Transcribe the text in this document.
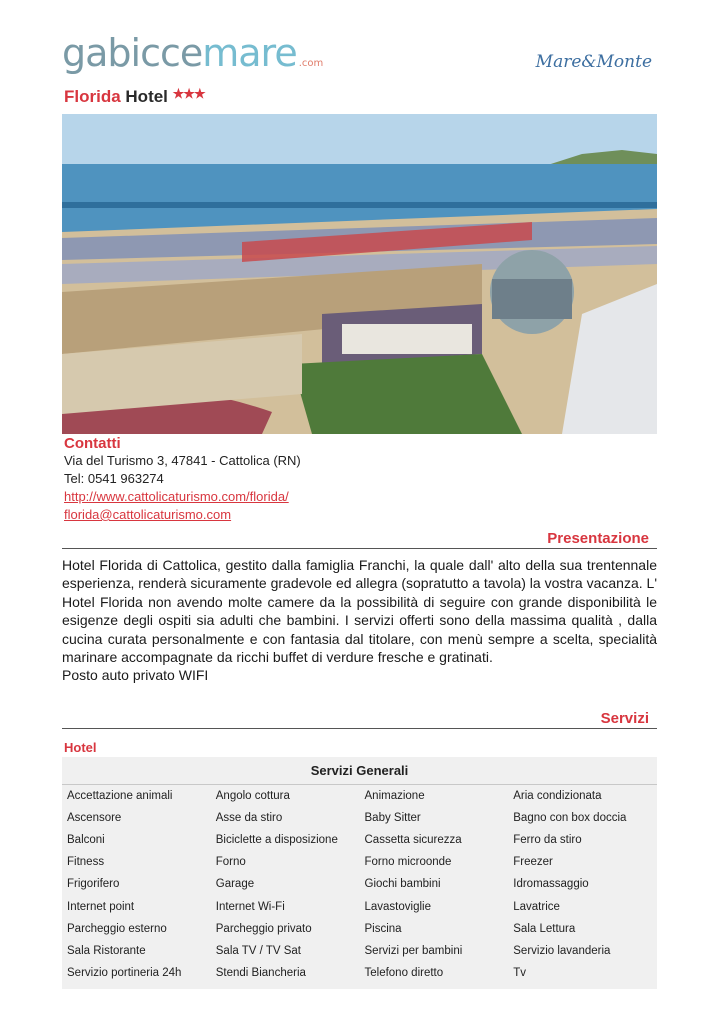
gabiccemare .com	Mare&Monte
Florida Hotel ★★★
Contatti
Via del Turismo 3, 47841 - Cattolica (RN)
Tel: 0541 963274
http://www.cattolicaturismo.com/florida/
florida@cattolicaturismo.com
Presentazione

Hotel Florida di Cattolica, gestito dalla famiglia Franchi, la quale dall' alto della sua trentennale esperienza, renderà sicuramente gradevole ed allegra (sopratutto a tavola) la vostra vacanza. L' Hotel Florida non avendo molte camere da la possibilità di seguire con grande disponibilità le esigenze degli ospiti sia adulti che bambini. I servizi offerti sono della massima qualità , dalla cucina curata personalmente e con fantasia dal titolare, con menù sempre a scelta, specialità marinare accompagnate da ricchi buffet di verdure fresche e gratinati.

Posto auto privato WIFI

Servizi
Hotel
Servizi Generali
Accettazione animali	Angolo cottura	Animazione	Aria condizionata
Ascensore	Asse da stiro	Baby Sitter	Bagno con box doccia
Balconi	Biciclette a disposizione	Cassetta sicurezza	Ferro da stiro
Fitness	Forno	Forno microonde	Freezer
Frigorifero	Garage	Giochi bambini	Idromassaggio
Internet point	Internet Wi-Fi	Lavastoviglie	Lavatrice
Parcheggio esterno	Parcheggio privato	Piscina	Sala Lettura
Sala Ristorante	Sala TV / TV Sat	Servizi per bambini	Servizio lavanderia
Servizio portineria 24h	Stendi Biancheria	Telefono diretto	Tv
